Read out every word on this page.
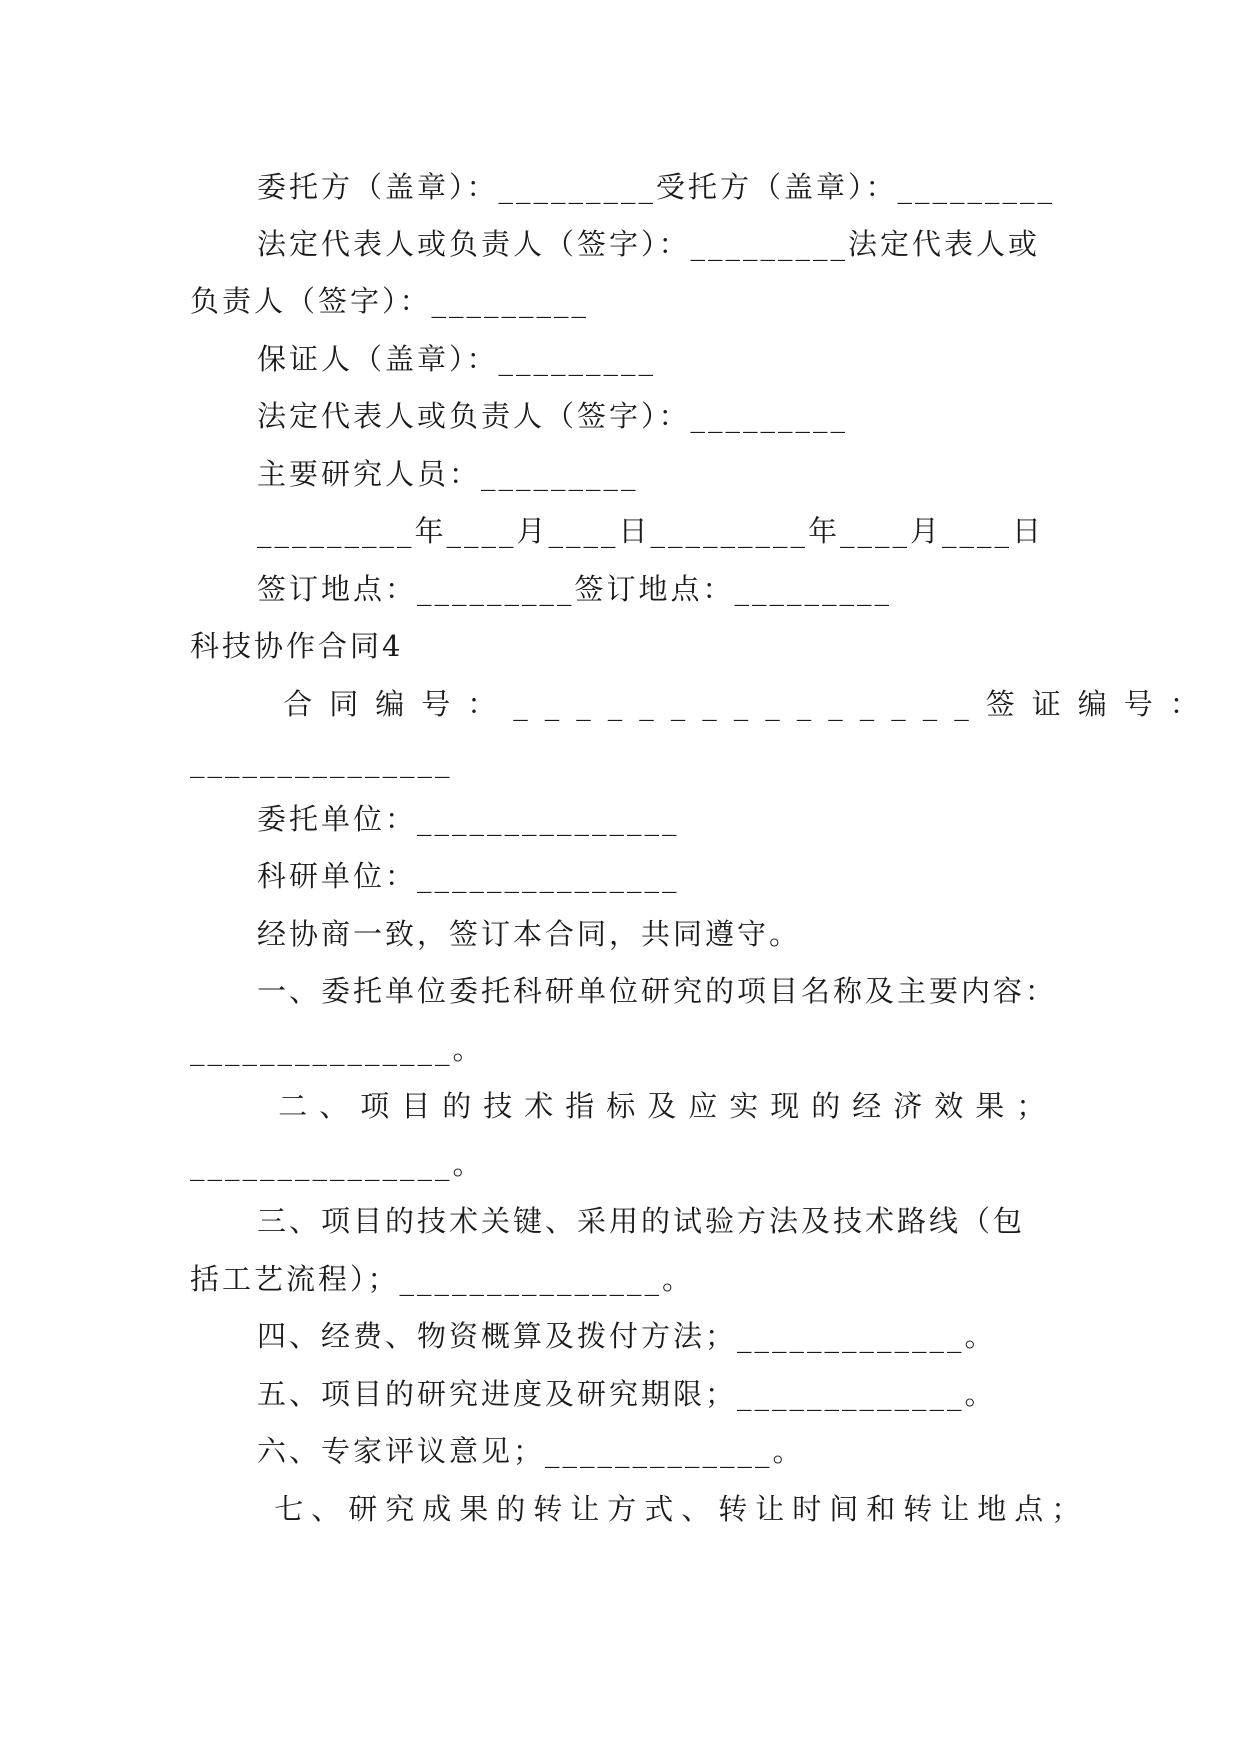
委托方（盖章）：_________受托方（盖章）：_________
法定代表人或负责人（签字）：_________法定代表人或
负责人（签字）：_________
保证人（盖章）：_________
法定代表人或负责人（签字）：_________
主要研究人员：_________
_________年____月____日_________年____月____日
签订地点：_________签订地点：_________
科技协作合同4
合同编号：_______________签证编号：
_______________
委托单位：_______________
科研单位：_______________
经协商一致，签订本合同，共同遵守。
一、委托单位委托科研单位研究的项目名称及主要内容：
_______________。
二、项目的技术指标及应实现的经济效果；
_______________。
三、项目的技术关键、采用的试验方法及技术路线（包
括工艺流程）；_______________。
四、经费、物资概算及拨付方法；_____________。
五、项目的研究进度及研究期限；_____________。
六、专家评议意见；_____________。
七、研究成果的转让方式、转让时间和转让地点；
